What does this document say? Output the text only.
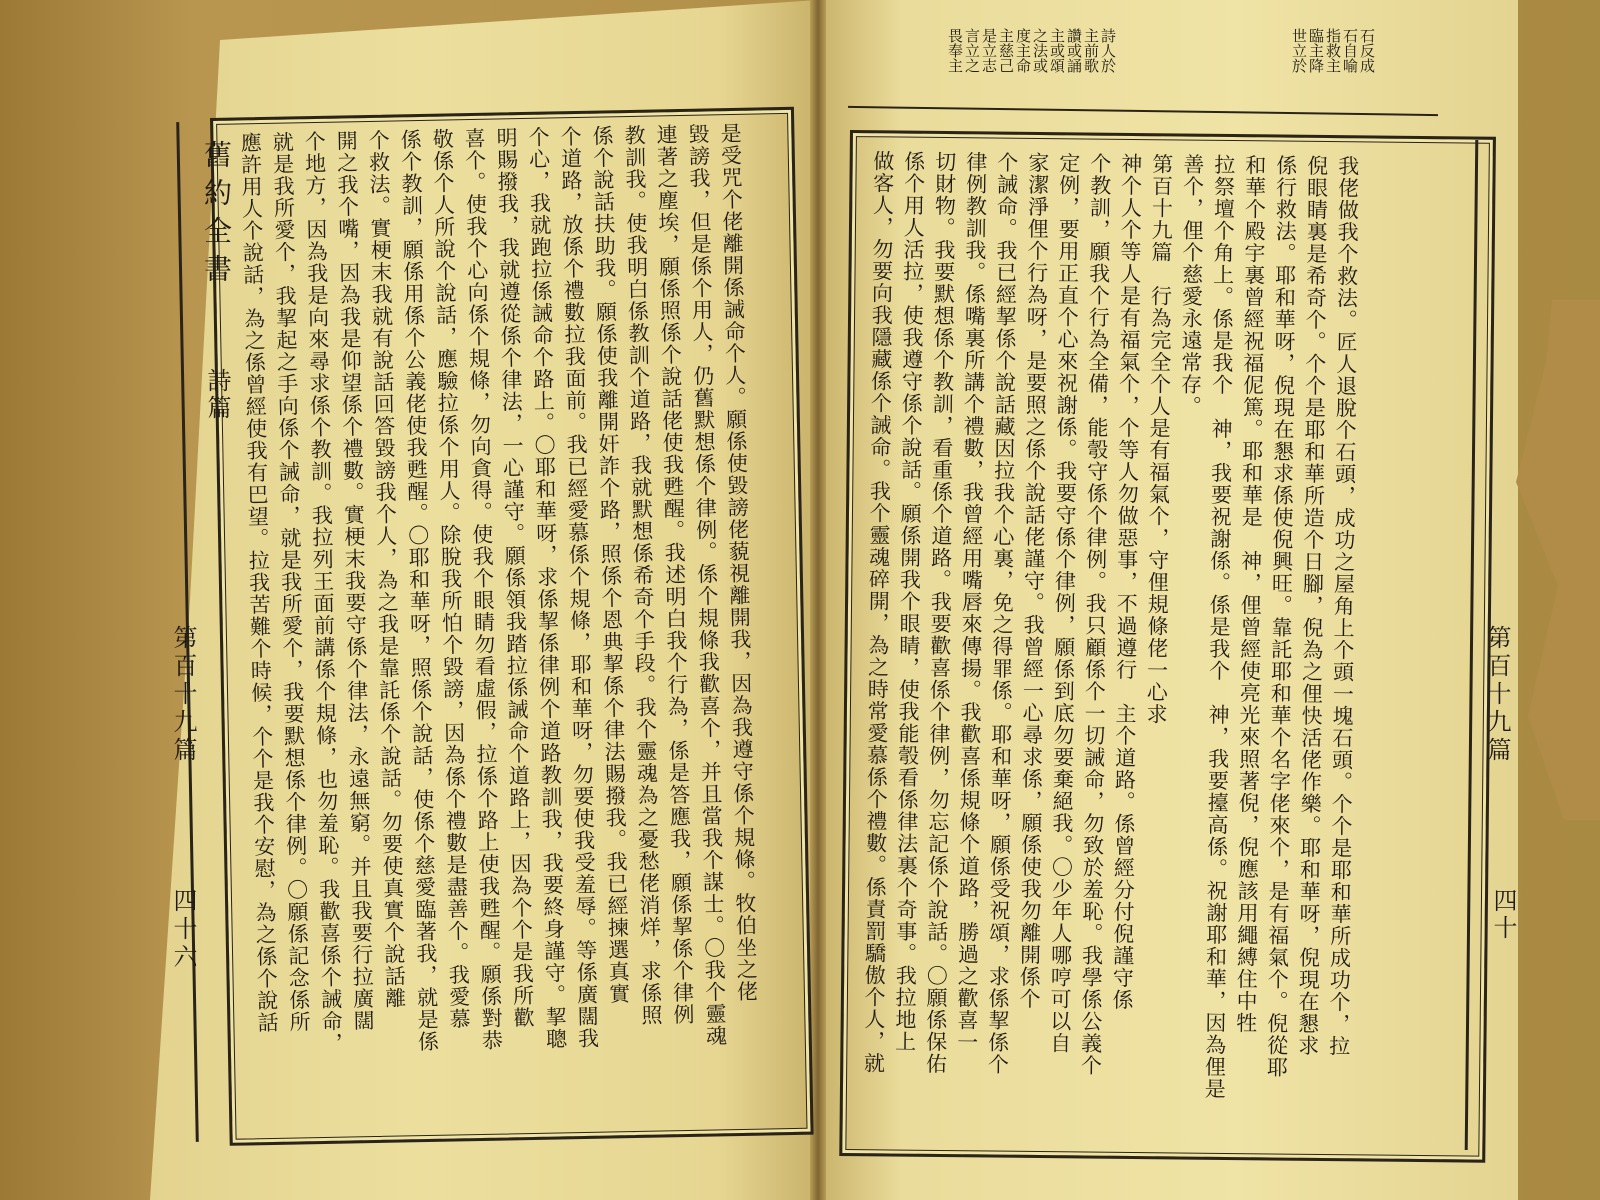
舊約全書
詩篇
第百十九篇
四十六	是受咒个佬離開係誡命个人。願係使毀謗佬藐視離開我，因為我遵守係个規條。牧伯坐之佬
毀謗我，但是係个用人，仍舊默想係个律例。係个規條我歡喜个，并且當我个謀士。〇我个靈魂
連著之塵埃，願係照係个說話佬使我甦醒。我述明白我个行為，係是答應我，願係挈係个律例
教訓我。使我明白係教訓个道路，我就默想係希奇个手段。我个靈魂為之憂愁佬消烊，求係照
係个說話扶助我。願係使我離開奸詐个路，照係个恩典挈係个律法賜撥我。我已經揀選真實
个道路，放係个禮數拉我面前。我已經愛慕係个規條，耶和華呀，勿要使我受羞辱。等係廣闊我
个心，我就跑拉係誡命个路上。〇耶和華呀，求係挈係律例个道路教訓我，我要終身謹守。挈聰
明賜撥我，我就遵從係个律法，一心謹守。願係領我踏拉係誡命个道路上，因為个个是我所歡
喜个。使我个心向係个規條，勿向貪得。使我个眼睛勿看虛假，拉係个路上使我甦醒。願係對恭
敬係个人所說个說話，應驗拉係个用人。除脫我所怕个毀謗，因為係个禮數是盡善个。我愛慕
係个教訓，願係用係个公義佬使我甦醒。〇耶和華呀，照係个說話，使係个慈愛臨著我，就是係
个救法。實梗末我就有說話回答毀謗我个人，為之我是靠託係个說話。勿要使真實个說話離
開之我个嘴，因為我是仰望係个禮數。實梗末我要守係个律法，永遠無窮。并且我要行拉廣闊
个地方，因為我是向來尋求係个教訓。我拉列王面前講係个規條，也勿羞恥。我歡喜係个誡命，
就是我所愛个，我挈起之手向係个誡命，就是我所愛个，我要默想係个律例。〇願係記念係所
應許用人个說話，為之係曾經使我有巴望。拉我苦難个時候，个个是我个安慰，為之係个說話
詩人於
主前歌
讚或誦
主或頌
之法或
度主命
主慈己
是立志
言立之
畏奉主	石反成
石自喻
指救主
臨主降
世立於
第百十九篇
四十
我佬做我个救法。匠人退脫个石頭，成功之屋角上个頭一塊石頭。个个是耶和華所成功个，拉
倪眼睛裏是希奇个。个个是耶和華所造个日腳，倪為之俚快活佬作樂。耶和華呀，倪現在懇求
係行救法。耶和華呀，倪現在懇求係使倪興旺。靠託耶和華个名字佬來个，是有福氣个。倪從耶
和華个殿宇裏曾經祝福伲篤。耶和華是　神，俚曾經使亮光來照著倪，倪應該用繩縛住中牲
拉祭壇个角上。係是我个　神，我要祝謝係。係是我个　神，我要擡高係。祝謝耶和華，因為俚是
善个，俚个慈愛永遠常存。
第百十九篇　行為完全个人是有福氣个，守俚規條佬一心求
神个人个等人是有福氣个，个等人勿做惡事，不過遵行　主个道路。係曾經分付倪謹守係
个教訓，願我个行為全備，能彀守係个律例。我只顧係个一切誡命，勿致於羞恥。我學係公義个
定例，要用正直个心來祝謝係。我要守係个律例，願係到底勿要棄絕我。〇少年人哪哼可以自
家潔淨俚个行為呀，是要照之係个說話佬謹守。我曾經一心尋求係，願係使我勿離開係个
个誡命。我已經挈係个說話藏因拉我个心裏，免之得罪係。耶和華呀，願係受祝頌，求係挈係个
律例教訓我。係嘴裏所講个禮數，我曾經用嘴唇來傳揚。我歡喜係規條个道路，勝過之歡喜一
切財物。我要默想係个教訓，看重係个道路。我要歡喜係个律例，勿忘記係个說話。〇願係保佑
係个用人活拉，使我遵守係个說話。願係開我个眼睛，使我能彀看係律法裏个奇事。我拉地上
做客人，勿要向我隱藏係个誡命。我个靈魂碎開，為之時常愛慕係个禮數。係責罰驕傲个人，就
